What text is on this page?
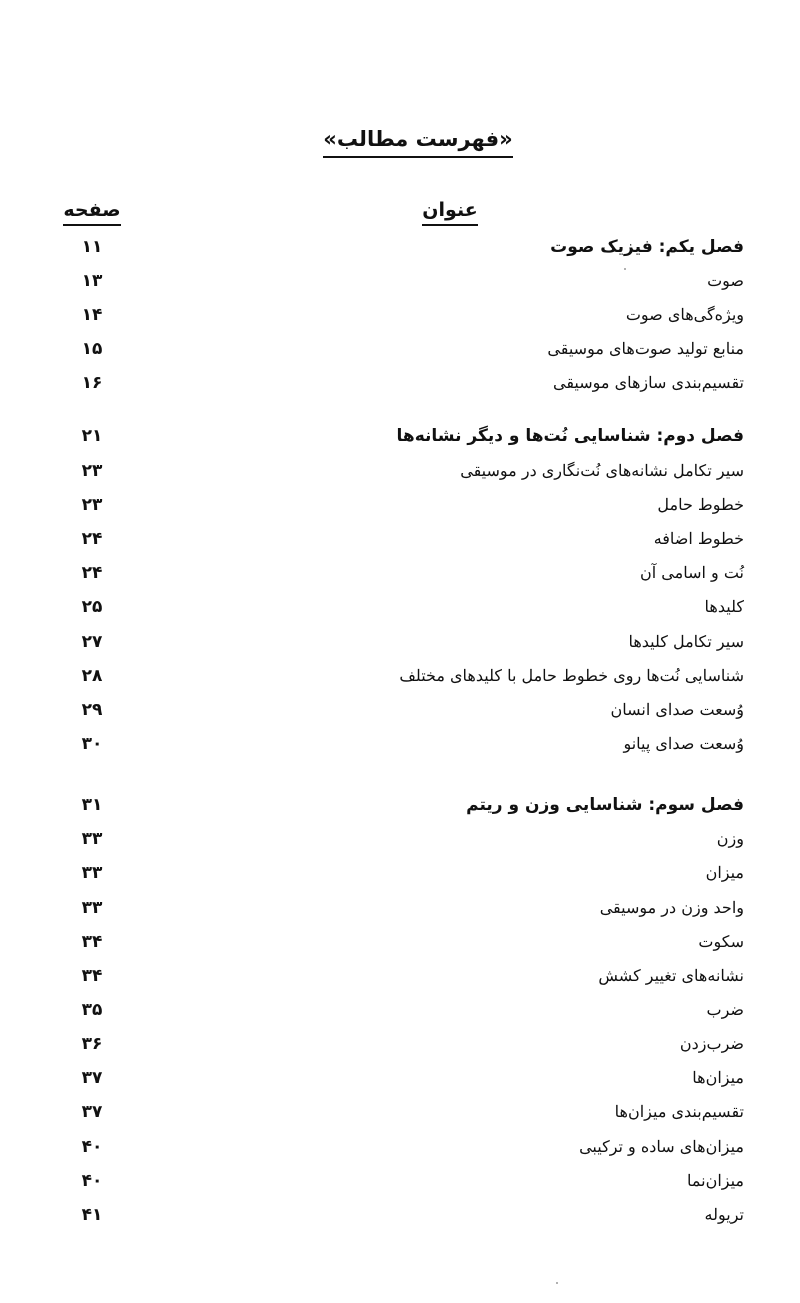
«فهرست مطالب»
عنوان
صفحه
فصل یکم: فیزیک صوت
۱۱
صوت
۱۳
ویژه‌گی‌های صوت
۱۴
منابع تولید صوت‌های موسیقی
۱۵
تقسیم‌بندی سازهای موسیقی
۱۶
فصل دوم: شناسایی نُت‌ها و دیگر نشانه‌ها
۲۱
سیر تکامل نشانه‌های نُت‌نگاری در موسیقی
۲۳
خطوط حامل
۲۳
خطوط اضافه
۲۴
نُت و اسامی آن
۲۴
کلیدها
۲۵
سیر تکامل کلیدها
۲۷
شناسایی نُت‌ها روی خطوط حامل با کلیدهای مختلف
۲۸
وُسعت صدای انسان
۲۹
وُسعت صدای پیانو
۳۰
فصل سوم: شناسایی وزن و ریتم
۳۱
وزن
۳۳
میزان
۳۳
واحد وزن در موسیقی
۳۳
سکوت
۳۴
نشانه‌های تغییر کشش
۳۴
ضرب
۳۵
ضرب‌زدن
۳۶
میزان‌ها
۳۷
تقسیم‌بندی میزان‌ها
۳۷
میزان‌های ساده و ترکیبی
۴۰
میزان‌نما
۴۰
تریوله
۴۱
